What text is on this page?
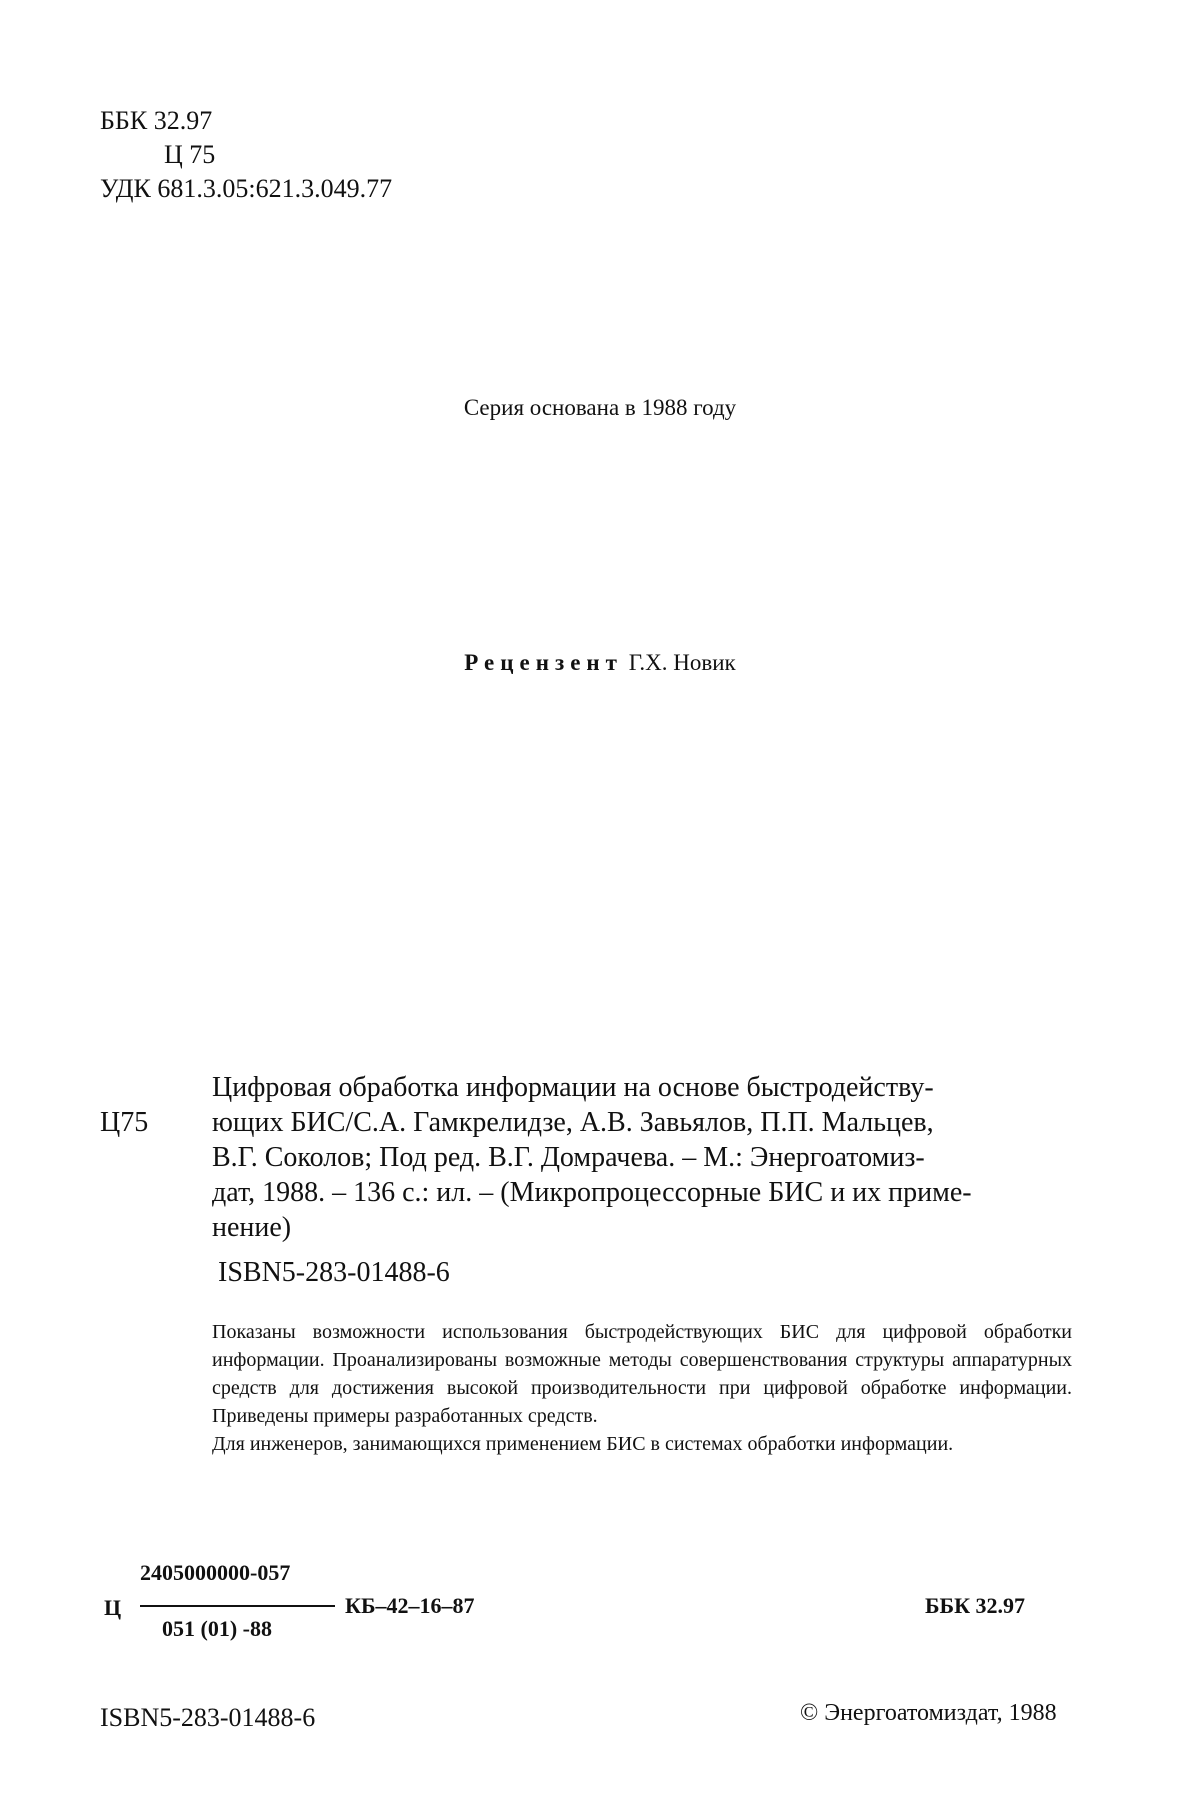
ББК 32.97
Ц 75
УДК 681.3.05:621.3.049.77
Серия основана в 1988 году
Рецензент Г.Х. Новик
Цифровая обработка информации на основе быстродейству-
Ц75	ющих БИС/С.А. Гамкрелидзе, А.В. Завьялов, П.П. Мальцев,
В.Г. Соколов; Под ред. В.Г. Домрачева. – М.: Энергоатомиз-
дат, 1988. – 136 с.: ил. – (Микропроцессорные БИС и их приме-
нение)
ISBN5-283-01488-6

Показаны возможности использования быстродействующих БИС для цифровой обработки информации. Проанализированы возможные методы совершенствования структуры аппаратурных средств для достижения высокой производительности при цифровой обработке информации. Приведены примеры разработанных средств.

Для инженеров, занимающихся применением БИС в системах обработки информации.

Ц
2405000000-057
051 (01) -88
КБ–42–16–87	ББК 32.97
ISBN5-283-01488-6	© Энергоатомиздат, 1988
